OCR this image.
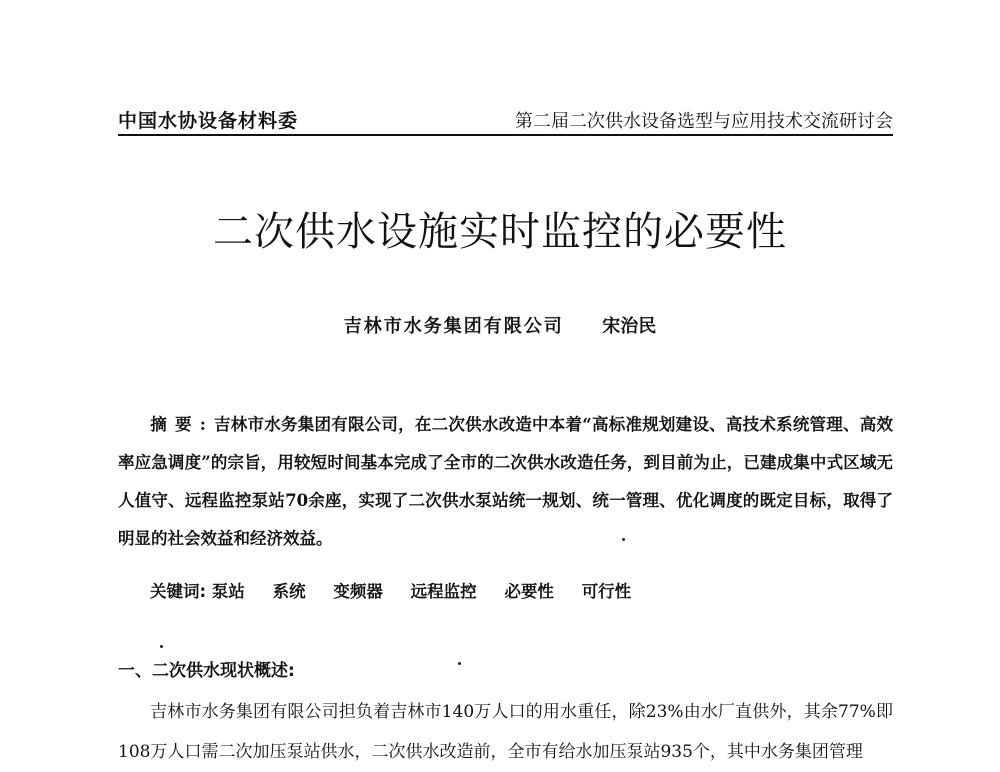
中国水协设备材料委	第二届二次供水设备选型与应用技术交流研讨会
二次供水设施实时监控的必要性
吉林市水务集团有限公司 宋治民
摘要:吉林市水务集团有限公司，在二次供水改造中本着“高标准规划建设、高技术系统管理、高效率应急调度”的宗旨，用较短时间基本完成了全市的二次供水改造任务，到目前为止，已建成集中式区域无人值守、远程监控泵站70余座，实现了二次供水泵站统一规划、统一管理、优化调度的既定目标，取得了明显的社会效益和经济效益。
关键词: 泵站 系统 变频器 远程监控 必要性 可行性
一、二次供水现状概述:
吉林市水务集团有限公司担负着吉林市140万人口的用水重任，除23%由水厂直供外，其余77%即108万人口需二次加压泵站供水，二次供水改造前，全市有给水加压泵站935个，其中水务集团管理
